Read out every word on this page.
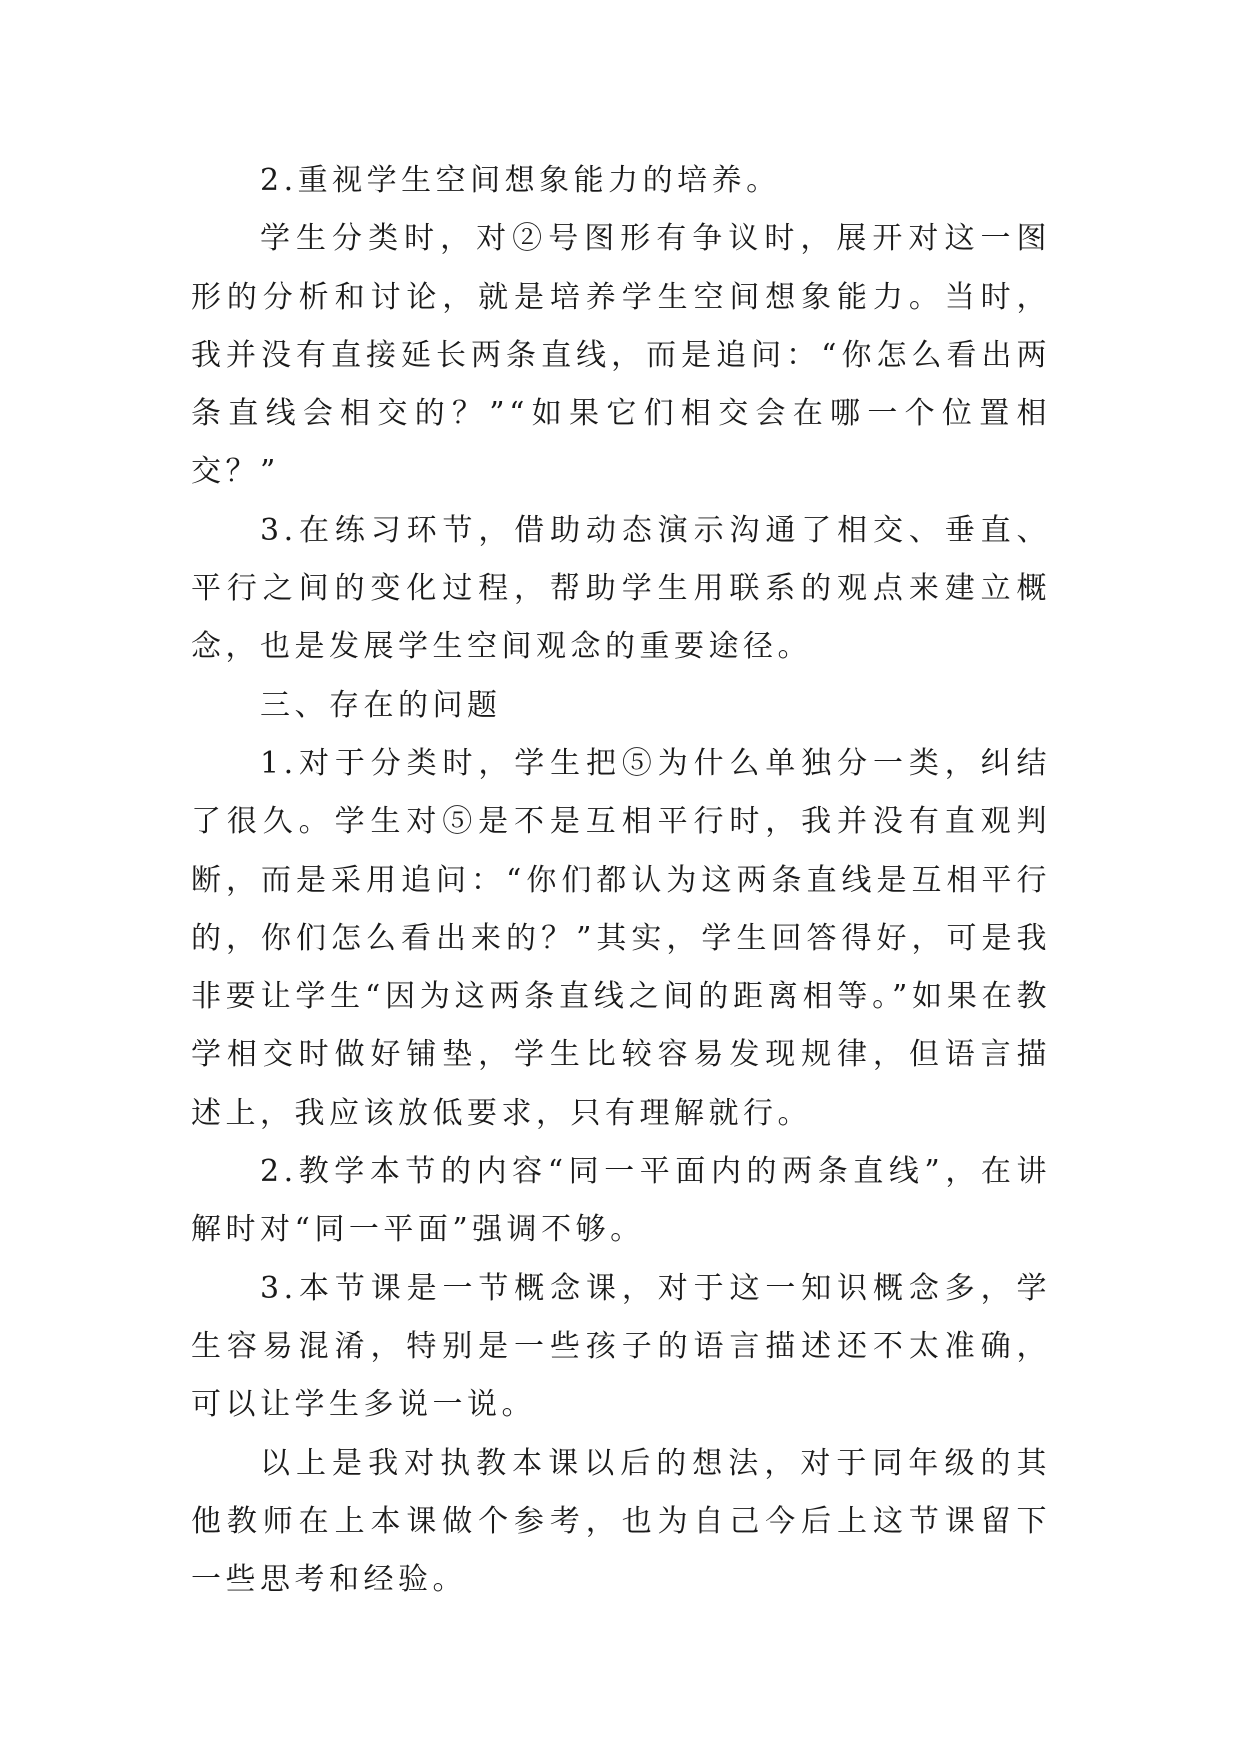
2.重视学生空间想象能力的培养。

学生分类时，对②号图形有争议时，展开对这一图形的分析和讨论，就是培养学生空间想象能力。当时，我并没有直接延长两条直线，而是追问：“你怎么看出两条直线会相交的？”“如果它们相交会在哪一个位置相交？”

3.在练习环节，借助动态演示沟通了相交、垂直、平行之间的变化过程，帮助学生用联系的观点来建立概念，也是发展学生空间观念的重要途径。

三、存在的问题

1.对于分类时，学生把⑤为什么单独分一类，纠结了很久。学生对⑤是不是互相平行时，我并没有直观判断，而是采用追问：“你们都认为这两条直线是互相平行的，你们怎么看出来的？”其实，学生回答得好，可是我非要让学生“因为这两条直线之间的距离相等。”如果在教学相交时做好铺垫，学生比较容易发现规律，但语言描述上，我应该放低要求，只有理解就行。

2.教学本节的内容“同一平面内的两条直线”，在讲解时对“同一平面”强调不够。

3.本节课是一节概念课，对于这一知识概念多，学生容易混淆，特别是一些孩子的语言描述还不太准确，可以让学生多说一说。

以上是我对执教本课以后的想法，对于同年级的其他教师在上本课做个参考，也为自己今后上这节课留下一些思考和经验。
